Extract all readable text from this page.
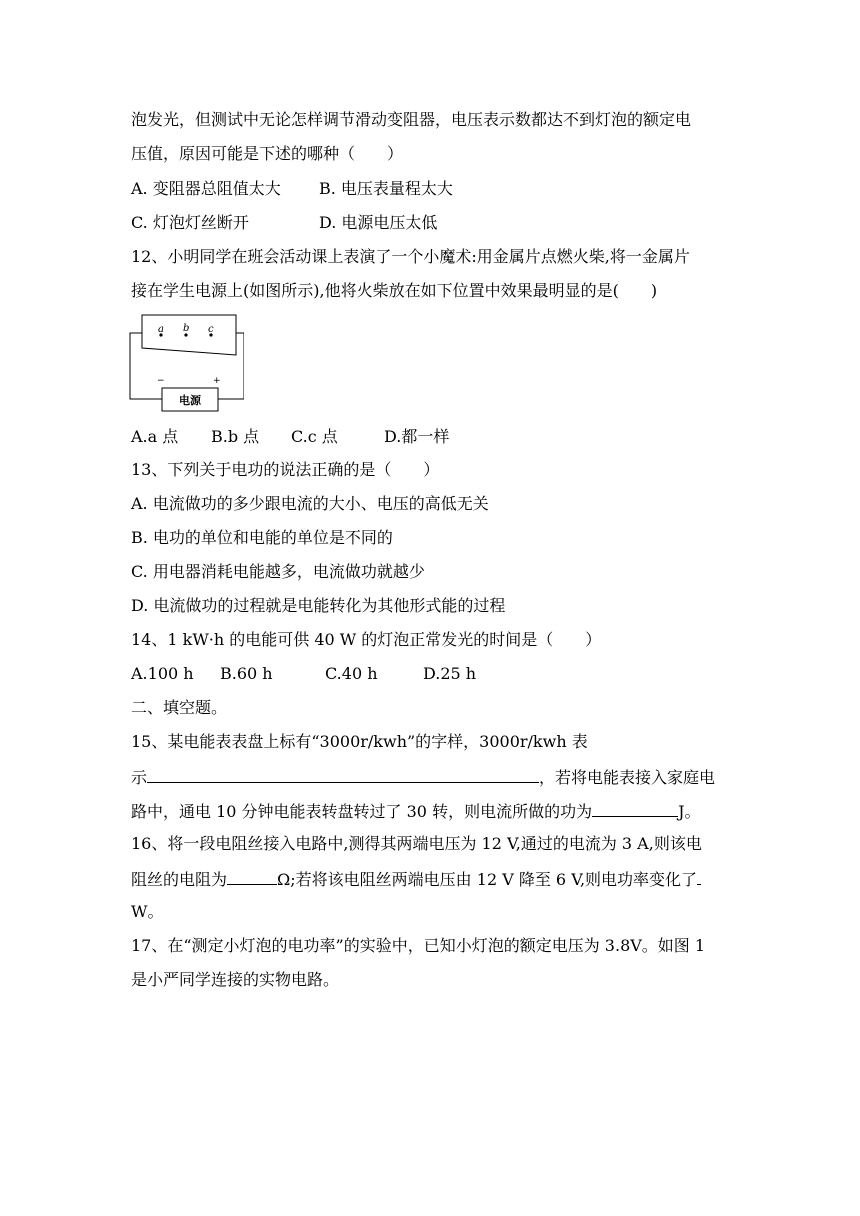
泡发光，但测试中无论怎样调节滑动变阻器，电压表示数都达不到灯泡的额定电
压值，原因可能是下述的哪种（　　）
A. 变阻器总阻值太大 B. 电压表量程太大
C. 灯泡灯丝断开	D. 电源电压太低
12、小明同学在班会活动课上表演了一个小魔术:用金属片点燃火柴,将一金属片
接在学生电源上(如图所示),他将火柴放在如下位置中效果最明显的是(　　)
a b c
−	+
电源
A.a 点 B.b 点 C.c 点	D.都一样
13、下列关于电功的说法正确的是（　　）
A. 电流做功的多少跟电流的大小、电压的高低无关
B. 电功的单位和电能的单位是不同的
C. 用电器消耗电能越多，电流做功就越少
D. 电流做功的过程就是电能转化为其他形式能的过程
14、1 kW·h 的电能可供 40 W 的灯泡正常发光的时间是（　　）
A.100 h B.60 h	C.40 h	D.25 h
二、填空题。
15、某电能表表盘上标有“3000r/kwh”的字样，3000r/kwh 表
示	，若将电能表接入家庭电
路中，通电 10 分钟电能表转盘转过了 30 转，则电流所做的功为	J。
16、将一段电阻丝接入电路中,测得其两端电压为 12 V,通过的电流为 3 A,则该电
阻丝的电阻为	Ω;若将该电阻丝两端电压由 12 V 降至 6 V,则电功率变化了
W。
17、在“测定小灯泡的电功率”的实验中，已知小灯泡的额定电压为 3.8V。如图 1
是小严同学连接的实物电路。
